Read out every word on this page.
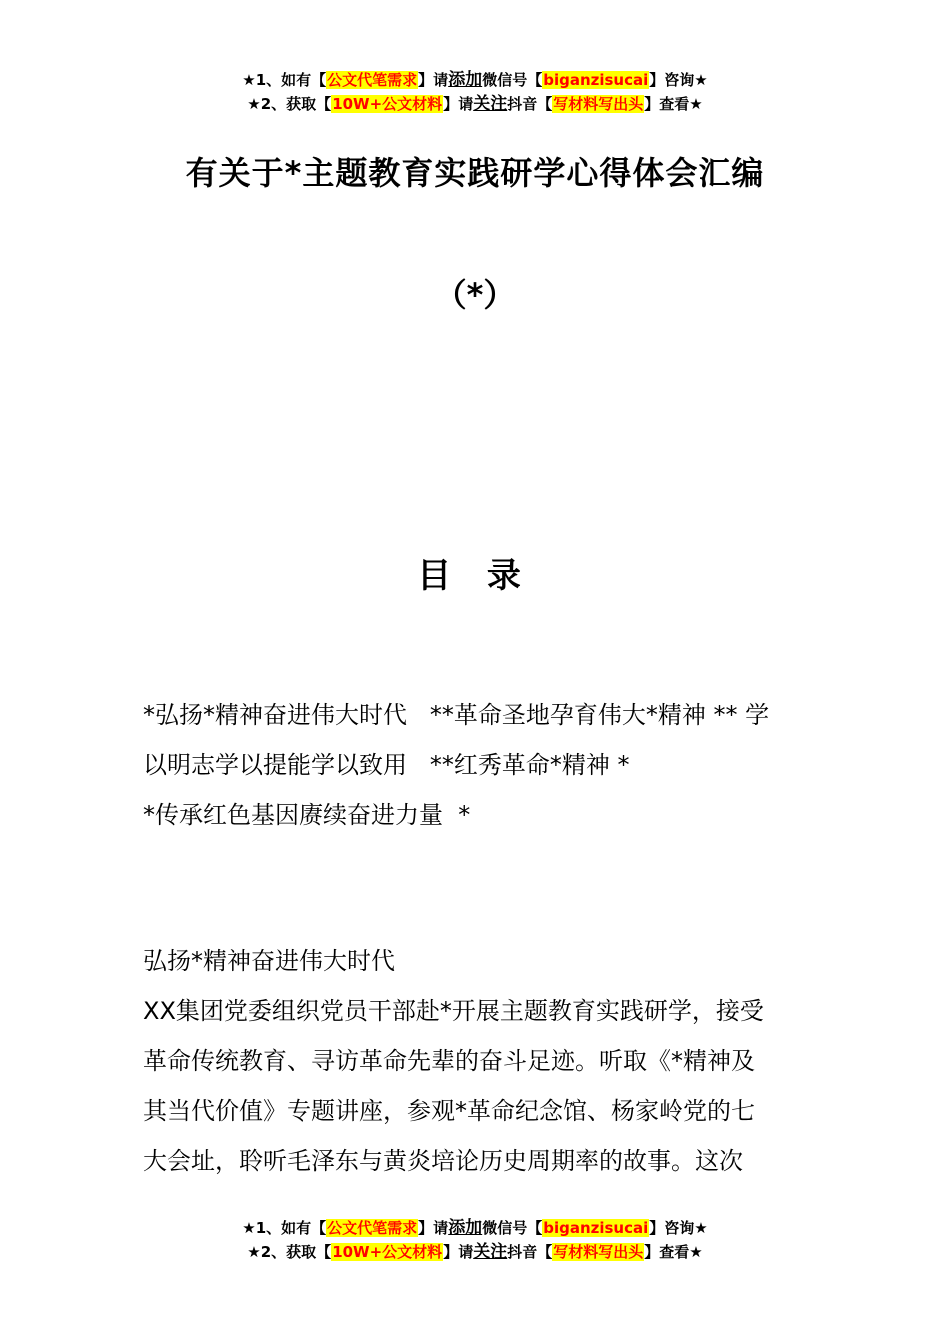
★1、如有【公文代笔需求】请添加微信号【biganzisucai】咨询★
★2、获取【10W+公文材料】请关注抖音【写材料写出头】查看★
有关于*主题教育实践研学心得体会汇编
（*）
目 录
*弘扬*精神奋进伟大时代   **革命圣地孕育伟大*精神 ** 学
以明志学以提能学以致用   **红秀革命*精神 *
*传承红色基因赓续奋进力量  *

弘扬*精神奋进伟大时代

XX集团党委组织党员干部赴*开展主题教育实践研学，接受

革命传统教育、寻访革命先辈的奋斗足迹。听取《*精神及

其当代价值》专题讲座，参观*革命纪念馆、杨家岭党的七

大会址，聆听毛泽东与黄炎培论历史周期率的故事。这次

★1、如有【公文代笔需求】请添加微信号【biganzisucai】咨询★
★2、获取【10W+公文材料】请关注抖音【写材料写出头】查看★
